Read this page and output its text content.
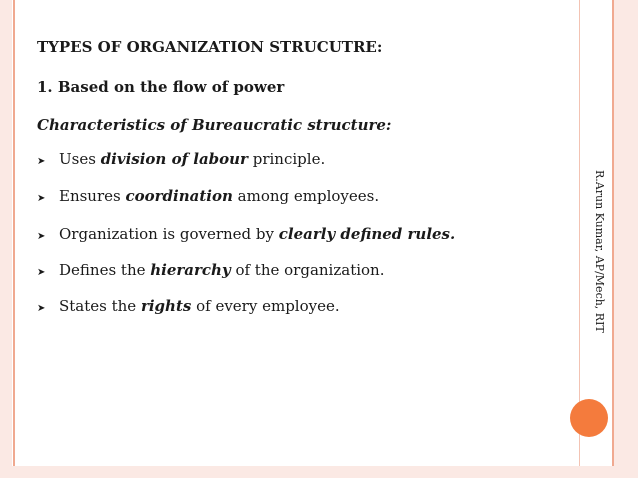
TYPES OF ORGANIZATION STRUCUTRE:
1. Based on the flow of power
Characteristics of Bureaucratic structure:
➤ Uses division of labour principle.
➤ Ensures coordination among employees.
➤ Organization is governed by clearly defined rules.
➤ Defines the hierarchy of the organization.
➤ States the rights of every employee.	R.Arun Kumar, AP/Mech, RIT
